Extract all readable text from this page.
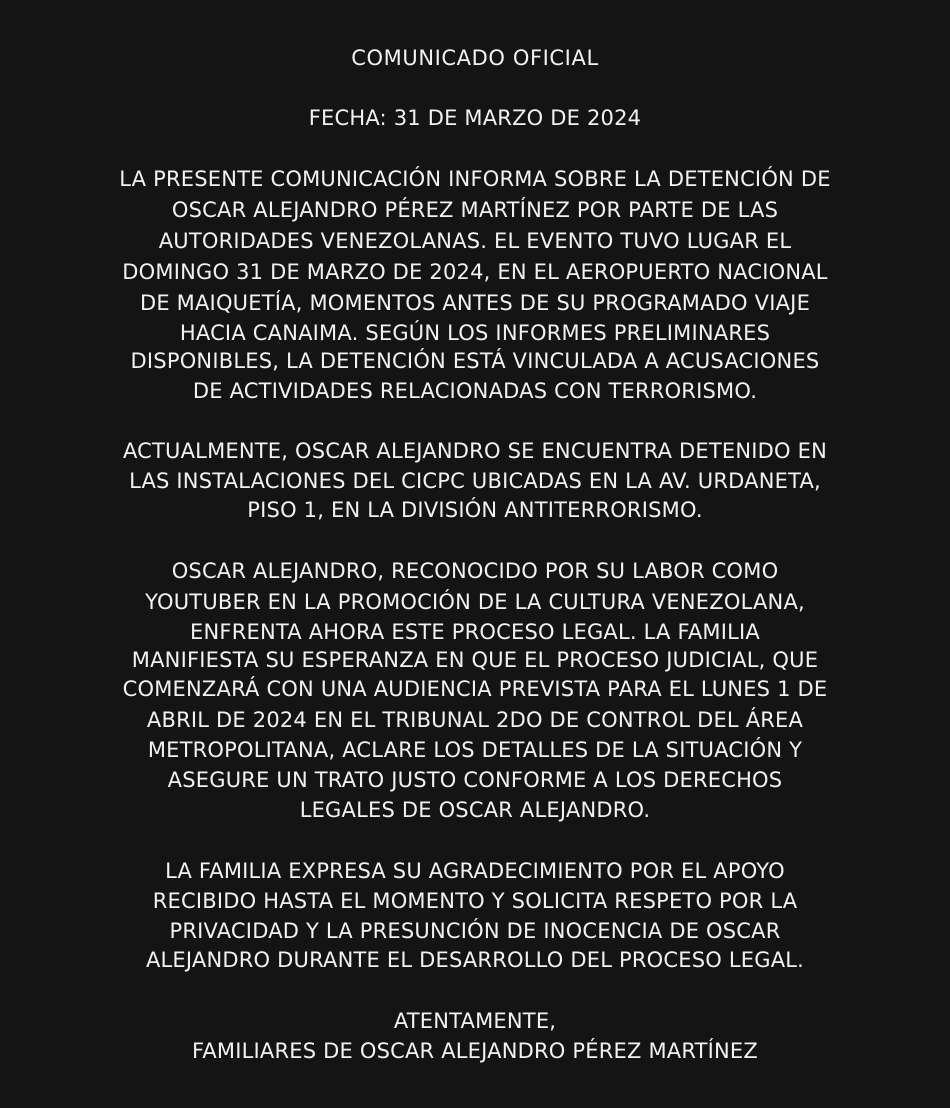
COMUNICADO OFICIAL
FECHA: 31 DE MARZO DE 2024
LA PRESENTE COMUNICACIÓN INFORMA SOBRE LA DETENCIÓN DE
OSCAR ALEJANDRO PÉREZ MARTÍNEZ POR PARTE DE LAS
AUTORIDADES VENEZOLANAS. EL EVENTO TUVO LUGAR EL
DOMINGO 31 DE MARZO DE 2024, EN EL AEROPUERTO NACIONAL
DE MAIQUETÍA, MOMENTOS ANTES DE SU PROGRAMADO VIAJE
HACIA CANAIMA. SEGÚN LOS INFORMES PRELIMINARES
DISPONIBLES, LA DETENCIÓN ESTÁ VINCULADA A ACUSACIONES
DE ACTIVIDADES RELACIONADAS CON TERRORISMO.
ACTUALMENTE, OSCAR ALEJANDRO SE ENCUENTRA DETENIDO EN
LAS INSTALACIONES DEL CICPC UBICADAS EN LA AV. URDANETA,
PISO 1, EN LA DIVISIÓN ANTITERRORISMO.
OSCAR ALEJANDRO, RECONOCIDO POR SU LABOR COMO
YOUTUBER EN LA PROMOCIÓN DE LA CULTURA VENEZOLANA,
ENFRENTA AHORA ESTE PROCESO LEGAL. LA FAMILIA
MANIFIESTA SU ESPERANZA EN QUE EL PROCESO JUDICIAL, QUE
COMENZARÁ CON UNA AUDIENCIA PREVISTA PARA EL LUNES 1 DE
ABRIL DE 2024 EN EL TRIBUNAL 2DO DE CONTROL DEL ÁREA
METROPOLITANA, ACLARE LOS DETALLES DE LA SITUACIÓN Y
ASEGURE UN TRATO JUSTO CONFORME A LOS DERECHOS
LEGALES DE OSCAR ALEJANDRO.
LA FAMILIA EXPRESA SU AGRADECIMIENTO POR EL APOYO
RECIBIDO HASTA EL MOMENTO Y SOLICITA RESPETO POR LA
PRIVACIDAD Y LA PRESUNCIÓN DE INOCENCIA DE OSCAR
ALEJANDRO DURANTE EL DESARROLLO DEL PROCESO LEGAL.
ATENTAMENTE,
FAMILIARES DE OSCAR ALEJANDRO PÉREZ MARTÍNEZ
